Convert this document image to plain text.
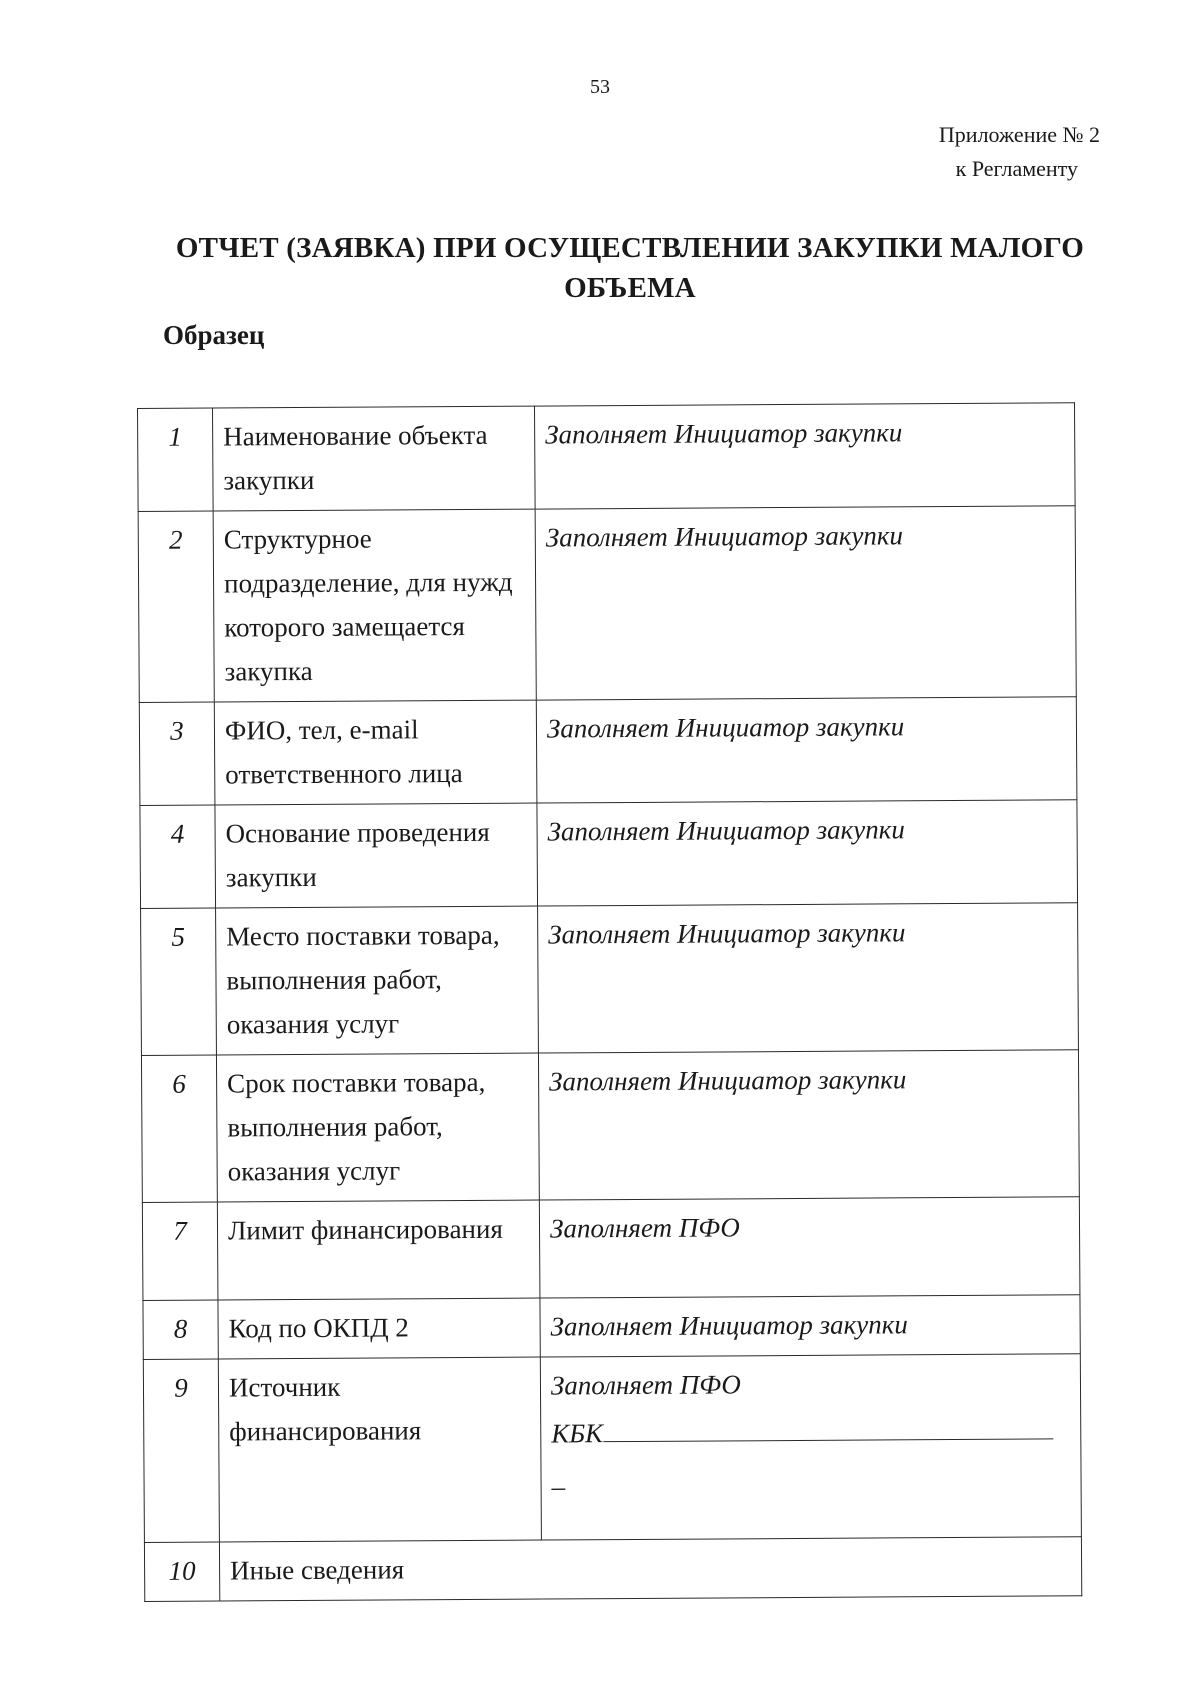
53
Приложение № 2
к Регламенту
ОТЧЕТ (ЗАЯВКА) ПРИ ОСУЩЕСТВЛЕНИИ ЗАКУПКИ МАЛОГО ОБЪЕМА
Образец
1	Наименование объекта закупки	Заполняет Инициатор закупки
2	Структурное подразделение, для нужд которого замещается закупка	Заполняет Инициатор закупки
3	ФИО, тел, e-mail ответственного лица	Заполняет Инициатор закупки
4	Основание проведения закупки	Заполняет Инициатор закупки
5	Место поставки товара, выполнения работ, оказания услуг	Заполняет Инициатор закупки
6	Срок поставки товара, выполнения работ, оказания услуг	Заполняет Инициатор закупки
7	Лимит финансирования	Заполняет ПФО
8	Код по ОКПД 2	Заполняет Инициатор закупки
9	Источник финансирования	Заполняет ПФО
КБК
_

10	Иные сведения	
